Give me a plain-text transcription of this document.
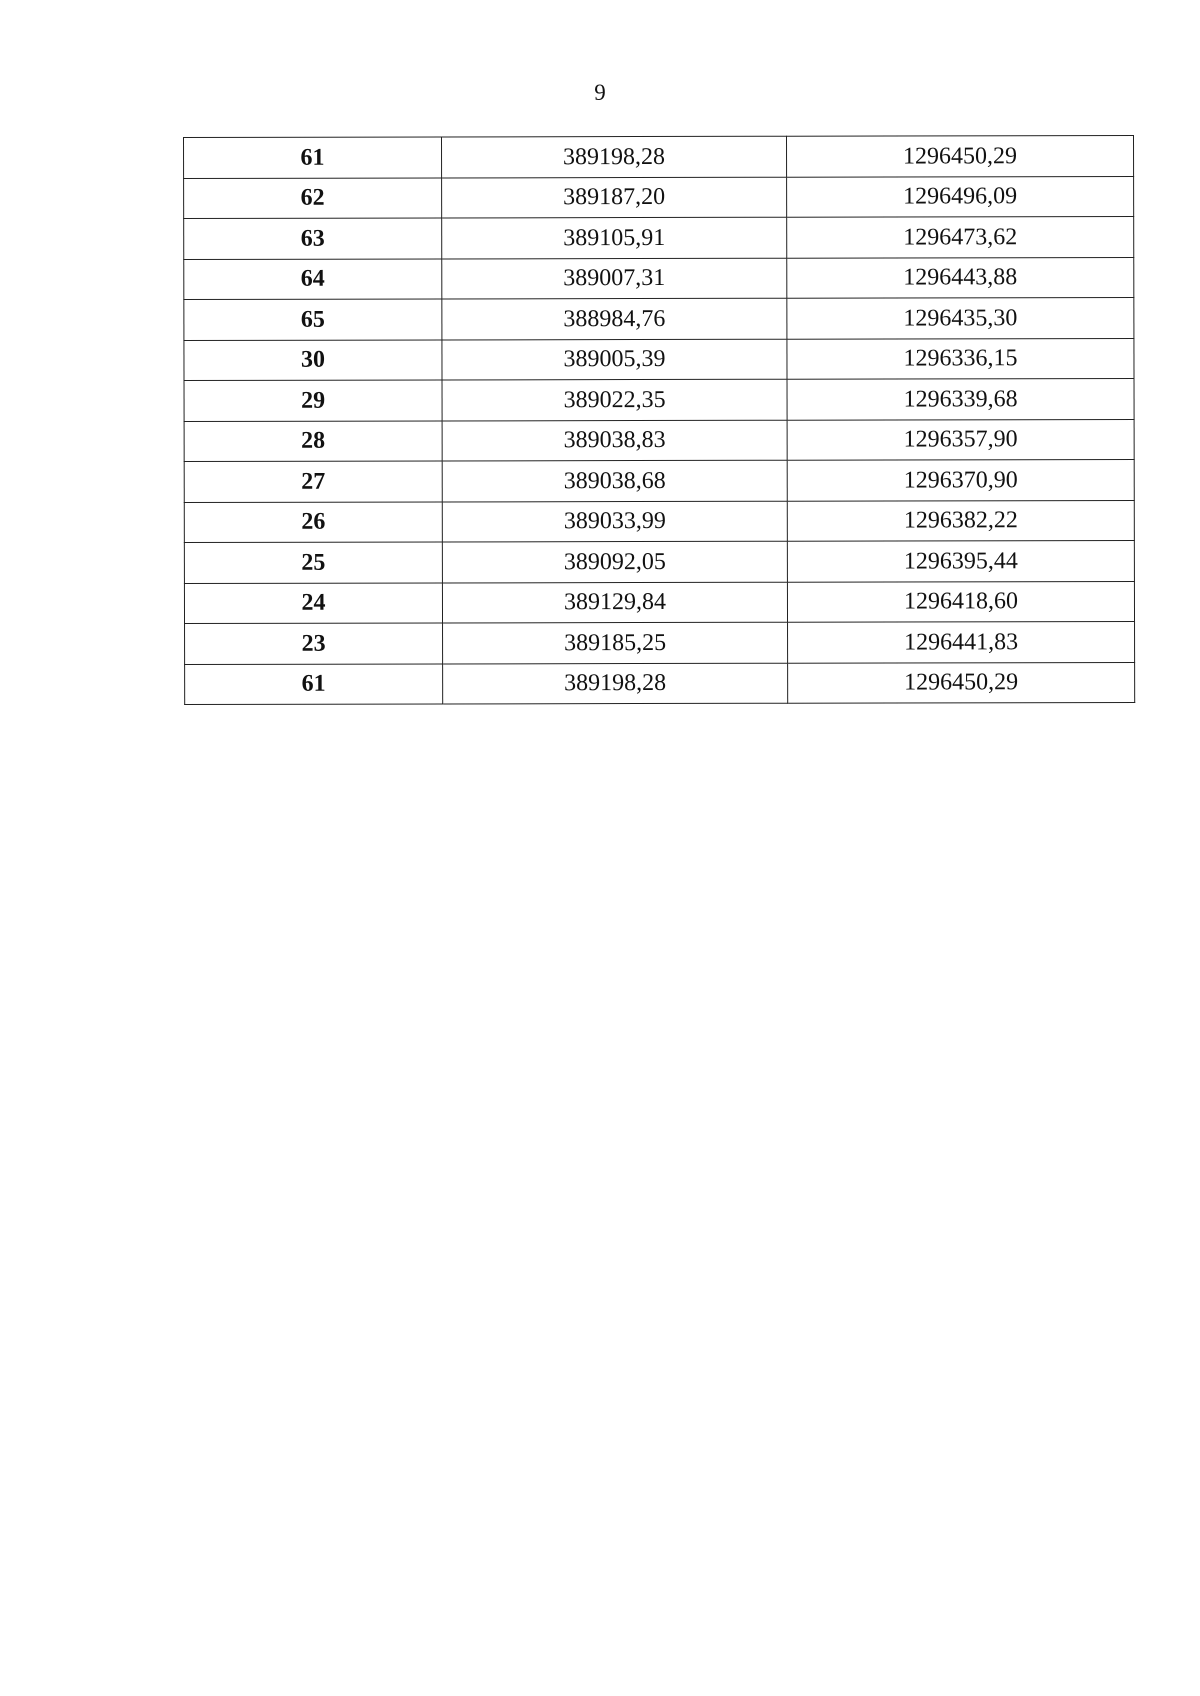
9
61	389198,28	1296450,29
62	389187,20	1296496,09
63	389105,91	1296473,62
64	389007,31	1296443,88
65	388984,76	1296435,30
30	389005,39	1296336,15
29	389022,35	1296339,68
28	389038,83	1296357,90
27	389038,68	1296370,90
26	389033,99	1296382,22
25	389092,05	1296395,44
24	389129,84	1296418,60
23	389185,25	1296441,83
61	389198,28	1296450,29
